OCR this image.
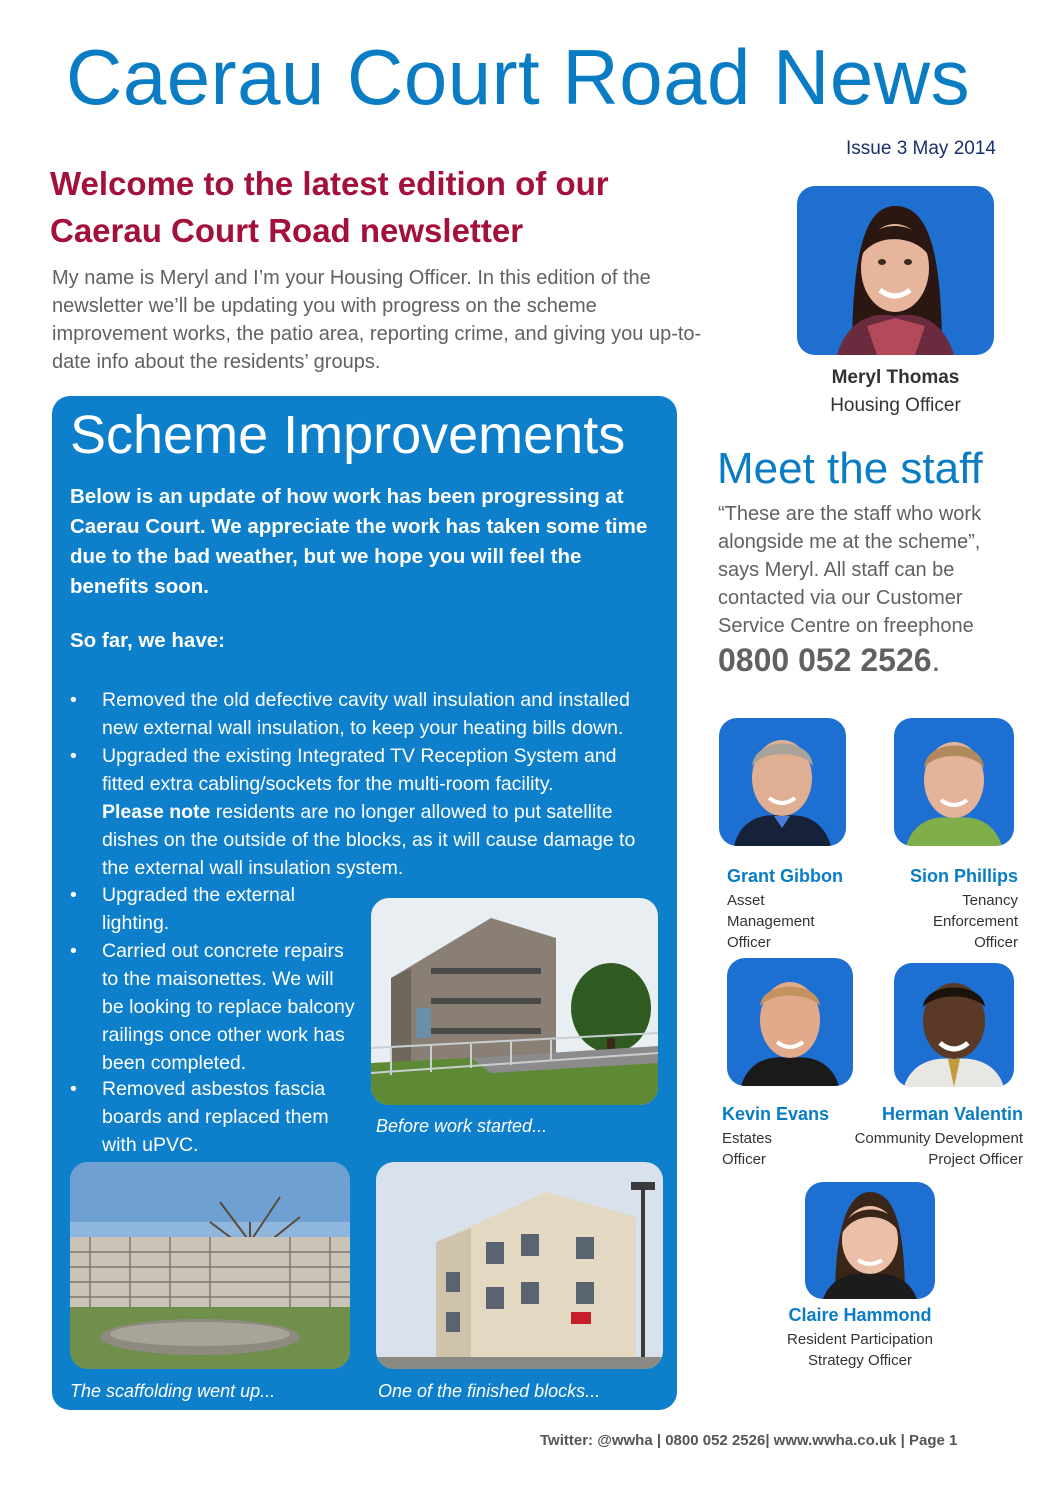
Caerau Court Road News
Issue 3 May 2014
Welcome to the latest edition of our Caerau Court Road newsletter
My name is Meryl and I’m your Housing Officer. In this edition of the newsletter we’ll be updating you with progress on the scheme improvement works, the patio area, reporting crime, and giving you up-to-date info about the residents’ groups.
Meryl Thomas
Housing Officer
Meet the staff
“These are the staff who work alongside me at the scheme”, says Meryl. All staff can be contacted via our Customer Service Centre on freephone
0800 052 2526.
Scheme Improvements
Below is an update of how work has been progressing at Caerau Court. We appreciate the work has taken some time due to the bad weather, but we hope you will feel the benefits soon.
So far, we have:
•	Removed the old defective cavity wall insulation and installed new external wall insulation, to keep your heating bills down.
•	Upgraded the existing Integrated TV Reception System and fitted extra cabling/sockets for the multi-room facility.
Please note residents are no longer allowed to put satellite dishes on the outside of the blocks, as it will cause damage to the external wall insulation system.
•	Upgraded the external lighting.
•	Carried out concrete repairs to the maisonettes. We will be looking to replace balcony railings once other work has been completed.
•	Removed asbestos fascia boards and replaced them with uPVC.
Before work started...
The scaffolding went up...	One of the finished blocks...
Grant Gibbon
Asset
Management
Officer
Sion Phillips
Tenancy
Enforcement
Officer
Kevin Evans
Estates
Officer
Herman Valentin
Community Development
Project Officer
Claire Hammond
Resident Participation
Strategy Officer
Twitter: @wwha | 0800 052 2526| www.wwha.co.uk | Page 1
